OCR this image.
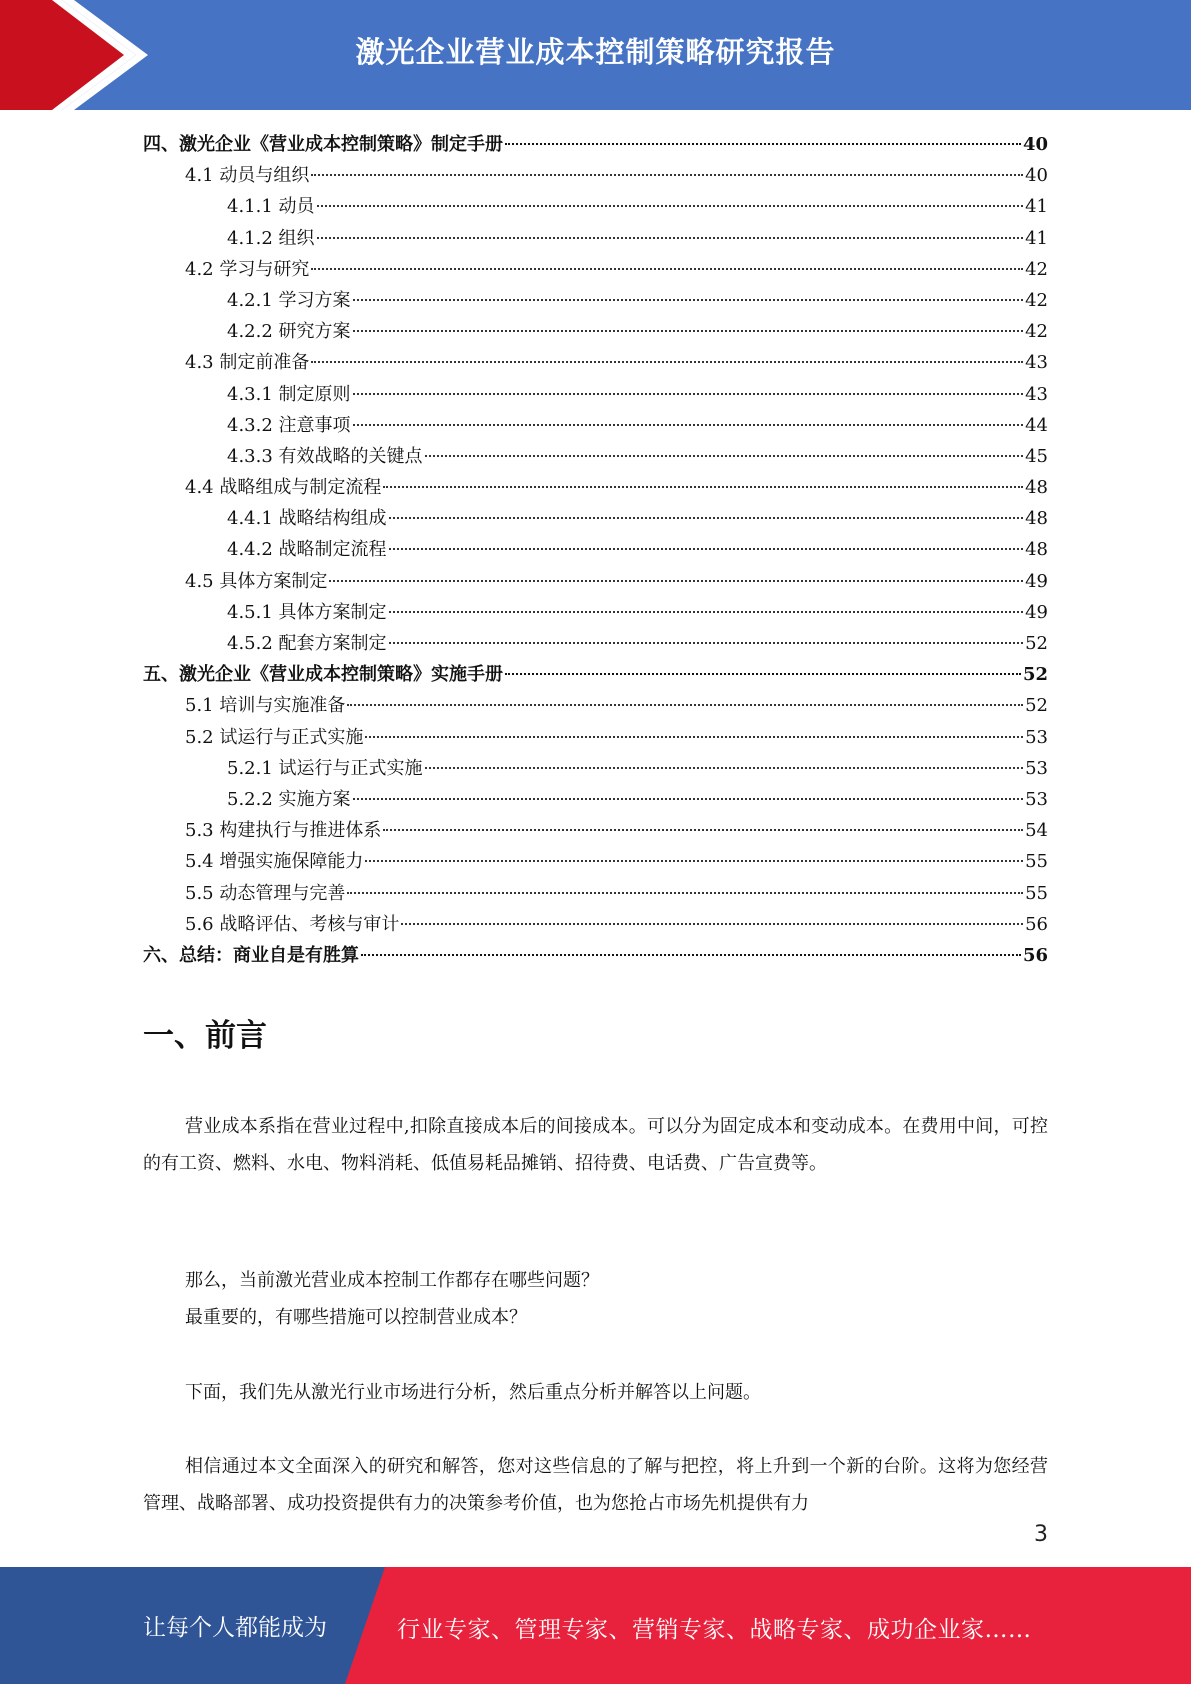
激光企业营业成本控制策略研究报告
四、激光企业《营业成本控制策略》制定手册	40
4.1 动员与组织	40
4.1.1 动员	41
4.1.2 组织	41
4.2 学习与研究	42
4.2.1 学习方案	42
4.2.2 研究方案	42
4.3 制定前准备	43
4.3.1 制定原则	43
4.3.2 注意事项	44
4.3.3 有效战略的关键点	45
4.4 战略组成与制定流程	48
4.4.1 战略结构组成	48
4.4.2 战略制定流程	48
4.5 具体方案制定	49
4.5.1 具体方案制定	49
4.5.2 配套方案制定	52
五、激光企业《营业成本控制策略》实施手册	52
5.1 培训与实施准备	52
5.2 试运行与正式实施	53
5.2.1 试运行与正式实施	53
5.2.2 实施方案	53
5.3 构建执行与推进体系	54
5.4 增强实施保障能力	55
5.5 动态管理与完善	55
5.6 战略评估、考核与审计	56
六、总结：商业自是有胜算	56
一、前言

营业成本系指在营业过程中,扣除直接成本后的间接成本。可以分为固定成本和变动成本。在费用中间，可控的有工资、燃料、水电、物料消耗、低值易耗品摊销、招待费、电话费、广告宣费等。

那么，当前激光营业成本控制工作都存在哪些问题？

最重要的，有哪些措施可以控制营业成本？

下面，我们先从激光行业市场进行分析，然后重点分析并解答以上问题。

相信通过本文全面深入的研究和解答，您对这些信息的了解与把控，将上升到一个新的台阶。这将为您经营管理、战略部署、成功投资提供有力的决策参考价值，也为您抢占市场先机提供有力

3
让每个人都能成为	行业专家、管理专家、营销专家、战略专家、成功企业家……
